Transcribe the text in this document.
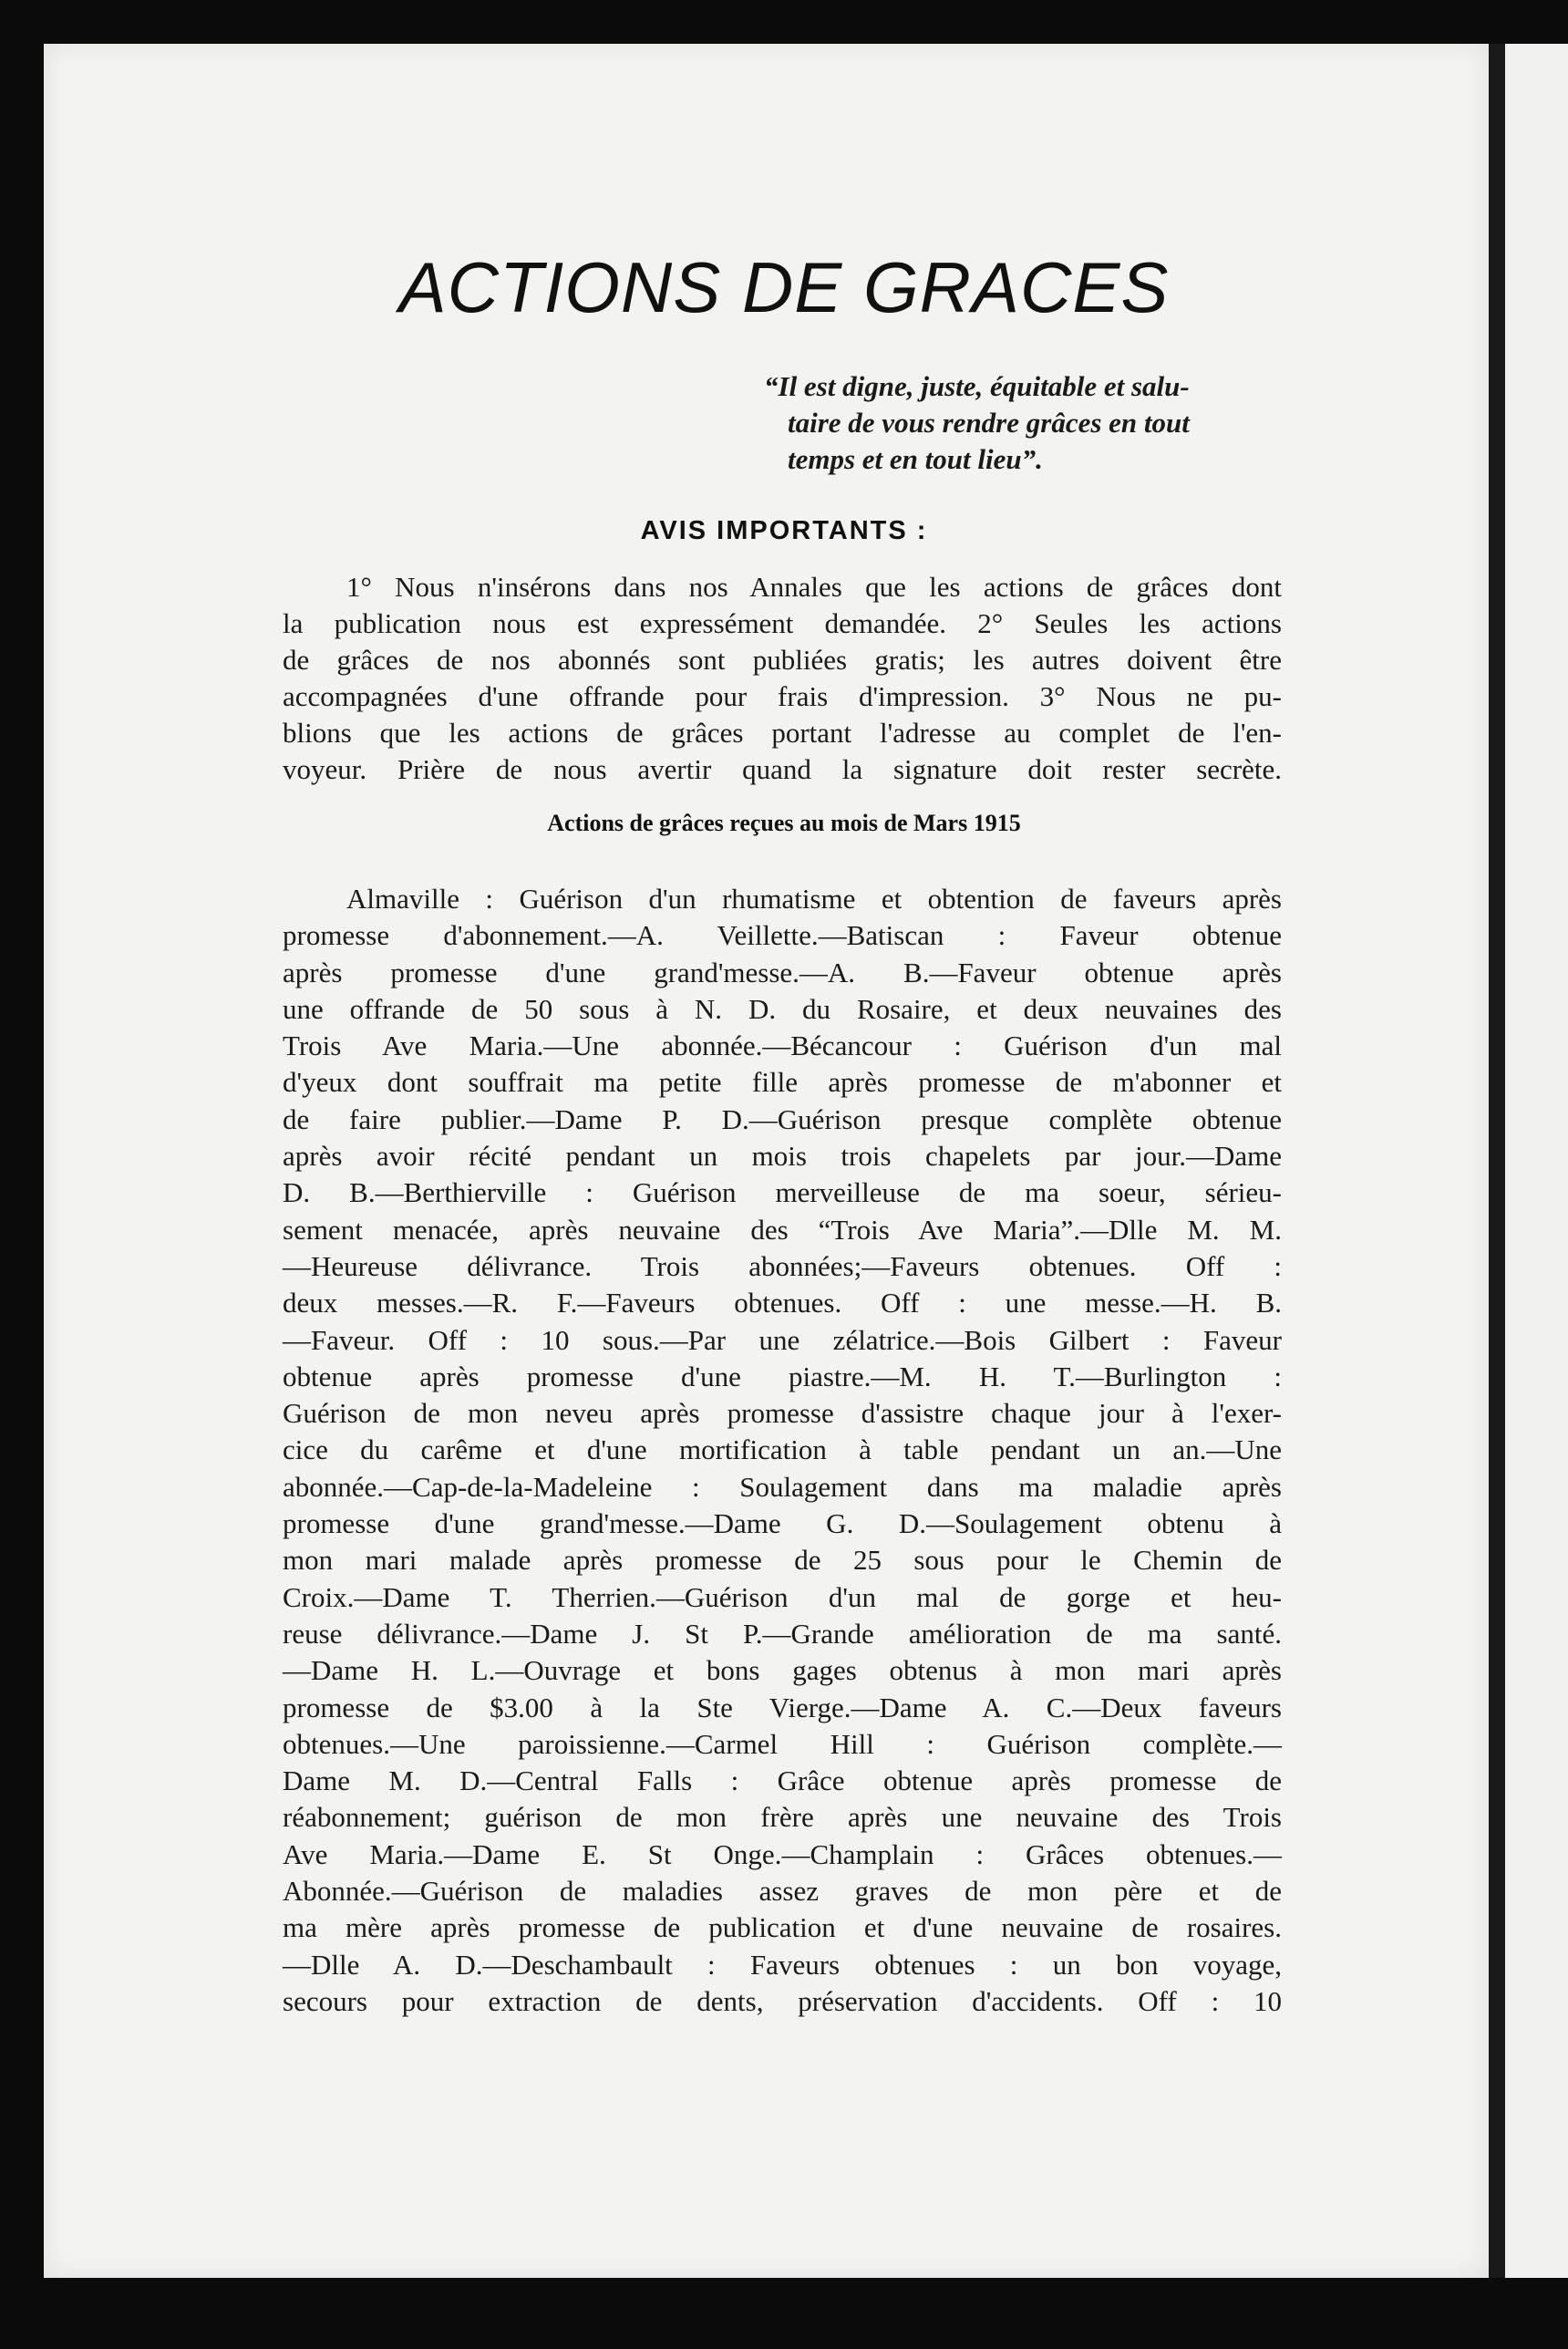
ACTIONS DE GRACES
“Il est digne, juste, équitable et salu-
taire de vous rendre grâces en tout
temps et en tout lieu”.
AVIS IMPORTANTS :
1° Nous n'insérons dans nos Annales que les actions de grâces dont
la publication nous est expressément demandée. 2° Seules les actions
de grâces de nos abonnés sont publiées gratis; les autres doivent être
accompagnées d'une offrande pour frais d'impression. 3° Nous ne pu-
blions que les actions de grâces portant l'adresse au complet de l'en-
voyeur. Prière de nous avertir quand la signature doit rester secrète.
Actions de grâces reçues au mois de Mars 1915
Almaville : Guérison d'un rhumatisme et obtention de faveurs après
promesse d'abonnement.—A. Veillette.—Batiscan : Faveur obtenue
après promesse d'une grand'messe.—A. B.—Faveur obtenue après
une offrande de 50 sous à N. D. du Rosaire, et deux neuvaines des
Trois Ave Maria.—Une abonnée.—Bécancour : Guérison d'un mal
d'yeux dont souffrait ma petite fille après promesse de m'abonner et
de faire publier.—Dame P. D.—Guérison presque complète obtenue
après avoir récité pendant un mois trois chapelets par jour.—Dame
D. B.—Berthierville : Guérison merveilleuse de ma soeur, sérieu-
sement menacée, après neuvaine des “Trois Ave Maria”.—Dlle M. M.
—Heureuse délivrance. Trois abonnées;—Faveurs obtenues. Off :
deux messes.—R. F.—Faveurs obtenues. Off : une messe.—H. B.
—Faveur. Off : 10 sous.—Par une zélatrice.—Bois Gilbert : Faveur
obtenue après promesse d'une piastre.—M. H. T.—Burlington :
Guérison de mon neveu après promesse d'assistre chaque jour à l'exer-
cice du carême et d'une mortification à table pendant un an.—Une
abonnée.—Cap-de-la-Madeleine : Soulagement dans ma maladie après
promesse d'une grand'messe.—Dame G. D.—Soulagement obtenu à
mon mari malade après promesse de 25 sous pour le Chemin de
Croix.—Dame T. Therrien.—Guérison d'un mal de gorge et heu-
reuse délivrance.—Dame J. St P.—Grande amélioration de ma santé.
—Dame H. L.—Ouvrage et bons gages obtenus à mon mari après
promesse de $3.00 à la Ste Vierge.—Dame A. C.—Deux faveurs
obtenues.—Une paroissienne.—Carmel Hill : Guérison complète.—
Dame M. D.—Central Falls : Grâce obtenue après promesse de
réabonnement; guérison de mon frère après une neuvaine des Trois
Ave Maria.—Dame E. St Onge.—Champlain : Grâces obtenues.—
Abonnée.—Guérison de maladies assez graves de mon père et de
ma mère après promesse de publication et d'une neuvaine de rosaires.
—Dlle A. D.—Deschambault : Faveurs obtenues : un bon voyage,
secours pour extraction de dents, préservation d'accidents. Off : 10
